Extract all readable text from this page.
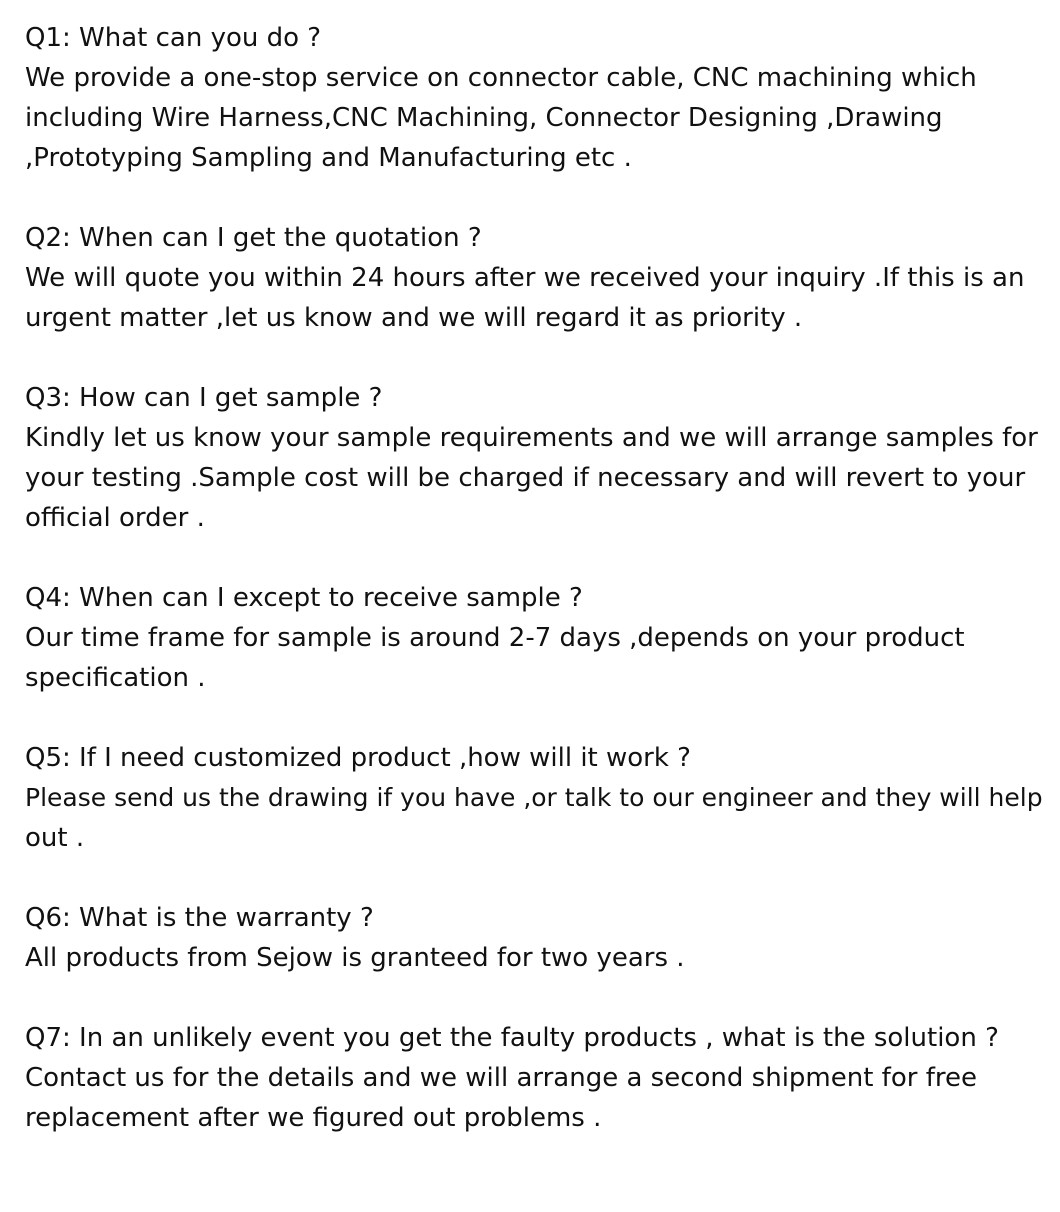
Q1: What can you do ?
We provide a one-stop service on connector cable, CNC machining which
including Wire Harness,CNC Machining, Connector Designing ,Drawing
,Prototyping Sampling and Manufacturing etc .
Q2: When can I get the quotation ?
We will quote you within 24 hours after we received your inquiry .If this is an
urgent matter ,let us know and we will regard it as priority .
Q3: How can I get sample ?
Kindly let us know your sample requirements and we will arrange samples for
your testing .Sample cost will be charged if necessary and will revert to your
official order .
Q4: When can I except to receive sample ?
Our time frame for sample is around 2-7 days ,depends on your product
specification .
Q5: If I need customized product ,how will it work ?
Please send us the drawing if you have ,or talk to our engineer and they will help
out .
Q6: What is the warranty ?
All products from Sejow is granteed for two years .
Q7: In an unlikely event you get the faulty products , what is the solution ?
Contact us for the details and we will arrange a second shipment for free
replacement after we figured out problems .
